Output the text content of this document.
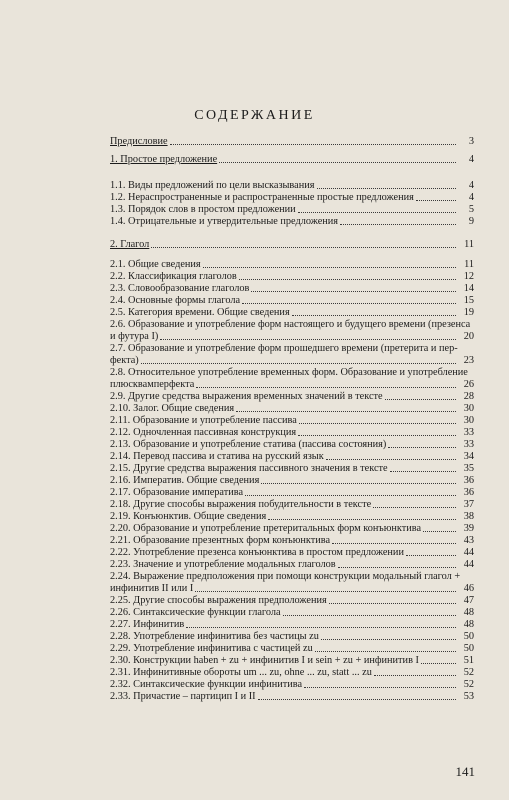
СОДЕРЖАНИЕ
Предисловие	3
1. Простое предложение	4
1.1. Виды предложений по цели высказывания	4
1.2. Нераспространенные и распространенные простые предложения	4
1.3. Порядок слов в простом предложении	5
1.4. Отрицательные и утвердительные предложения	9
2. Глагол	11
2.1. Общие сведения	11
2.2. Классификация глаголов	12
2.3. Словообразование глаголов	14
2.4. Основные формы глагола	15
2.5. Категория времени. Общие сведения	19
2.6. Образование и употребление форм настоящего и будущего времени (презенса
и футура I)	20
2.7. Образование и употребление форм прошедшего времени (претерита и пер-
фекта)	23
2.8. Относительное употребление временных форм. Образование и употребление
плюсквамперфекта	26
2.9. Другие средства выражения временных значений в тексте	28
2.10. Залог. Общие сведения	30
2.11. Образование и употребление пассива	30
2.12. Одночленная пассивная конструкция	33
2.13. Образование и употребление статива (пассива состояния)	33
2.14. Перевод пассива и статива на русский язык	34
2.15. Другие средства выражения пассивного значения в тексте	35
2.16. Императив. Общие сведения	36
2.17. Образование императива	36
2.18. Другие способы выражения побудительности в тексте	37
2.19. Конъюнктив. Общие сведения	38
2.20. Образование и употребление претеритальных форм конъюнктива	39
2.21. Образование презентных форм конъюнктива	43
2.22. Употребление презенса конъюнктива в простом предложении	44
2.23. Значение и употребление модальных глаголов	44
2.24. Выражение предположения при помощи конструкции модальный глагол +
инфинитив II или I	46
2.25. Другие способы выражения предположения	47
2.26. Синтаксические функции глагола	48
2.27. Инфинитив	48
2.28. Употребление инфинитива без частицы zu	50
2.29. Употребление инфинитива с частицей zu	50
2.30. Конструкции haben + zu + инфинитив I и sein + zu + инфинитив I	51
2.31. Инфинитивные обороты um ... zu, ohne ... zu, statt ... zu	52
2.32. Синтаксические функции инфинитива	52
2.33. Причастие – партицип I и II	53
141
